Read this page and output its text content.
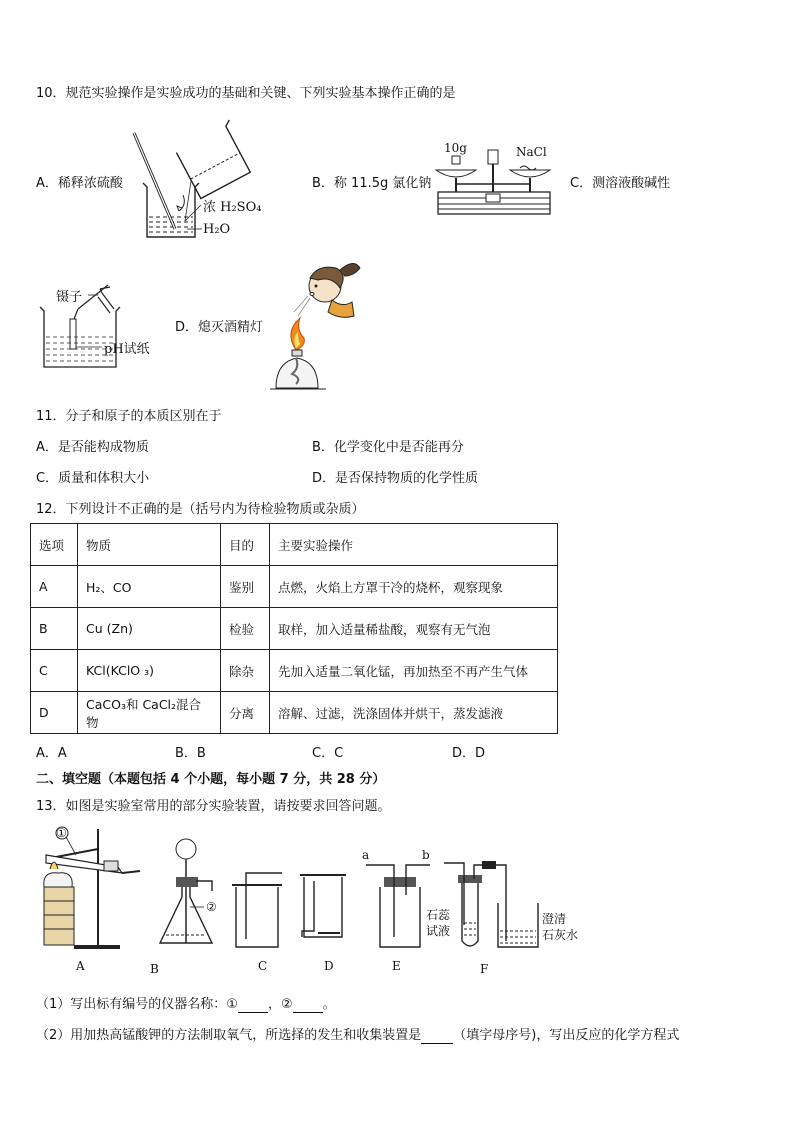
10．规范实验操作是实验成功的基础和关键、下列实验基本操作正确的是
A．稀释浓硫酸
浓 H₂SO₄
H₂O
B．称 11.5g 氯化钠
10g	NaCl
C．测溶液酸碱性
镊子
pH试纸
D．熄灭酒精灯
11．分子和原子的本质区别在于
A．是否能构成物质	B．化学变化中是否能再分
C．质量和体积大小	D．是否保持物质的化学性质
12．下列设计不正确的是（括号内为待检验物质或杂质）
选项	物质	目的	主要实验操作
A	H₂、CO	鉴别	点燃，火焰上方罩干冷的烧杯，观察现象
B	Cu (Zn)	检验	取样，加入适量稀盐酸，观察有无气泡
C	KCl(KClO ₃)	除杂	先加入适量二氧化锰，再加热至不再产生气体
D	CaCO₃和 CaCl₂混合物	分离	溶解、过滤，洗涤固体并烘干，蒸发滤液
A．A	B．B	C．C	D．D
二、填空题（本题包括 4 个小题，每小题 7 分，共 28 分）
13．如图是实验室常用的部分实验装置，请按要求回答问题。
①
A
②
B	C	D
a	b
E
石蕊
试液
澄清
石灰水
F
（1）写出标有编号的仪器名称：① ，② 。
（2）用加热高锰酸钾的方法制取氧气，所选择的发生和收集装置是 （填字母序号)，写出反应的化学方程式
